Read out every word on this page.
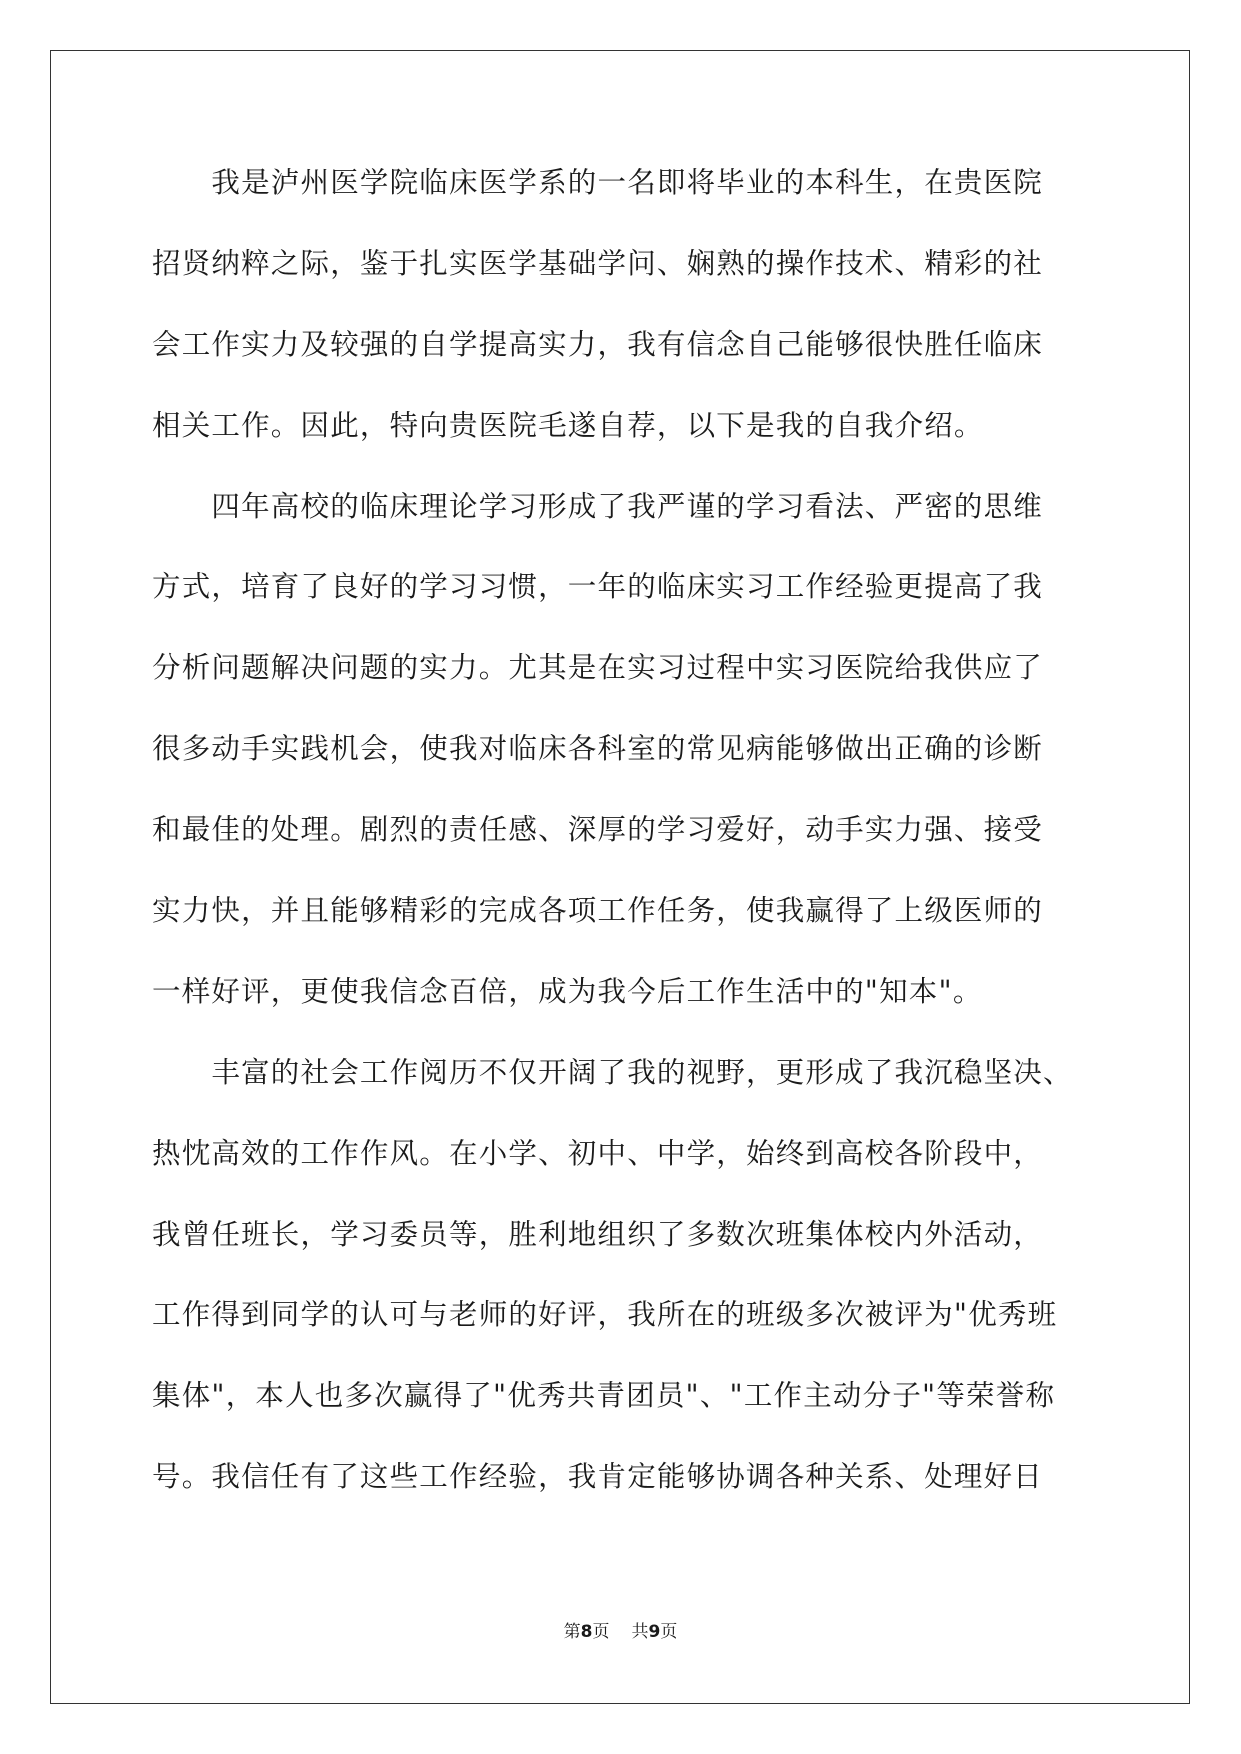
　　我是泸州医学院临床医学系的一名即将毕业的本科生，在贵医院
招贤纳粹之际，鉴于扎实医学基础学问、娴熟的操作技术、精彩的社
会工作实力及较强的自学提高实力，我有信念自己能够很快胜任临床
相关工作。因此，特向贵医院毛遂自荐，以下是我的自我介绍。
　　四年高校的临床理论学习形成了我严谨的学习看法、严密的思维
方式，培育了良好的学习习惯，一年的临床实习工作经验更提高了我
分析问题解决问题的实力。尤其是在实习过程中实习医院给我供应了
很多动手实践机会，使我对临床各科室的常见病能够做出正确的诊断
和最佳的处理。剧烈的责任感、深厚的学习爱好，动手实力强、接受
实力快，并且能够精彩的完成各项工作任务，使我赢得了上级医师的
一样好评，更使我信念百倍，成为我今后工作生活中的"知本"。
　　丰富的社会工作阅历不仅开阔了我的视野，更形成了我沉稳坚决、
热忱高效的工作作风。在小学、初中、中学，始终到高校各阶段中，
我曾任班长，学习委员等，胜利地组织了多数次班集体校内外活动，
工作得到同学的认可与老师的好评，我所在的班级多次被评为"优秀班
集体"，本人也多次赢得了"优秀共青团员"、"工作主动分子"等荣誉称
号。我信任有了这些工作经验，我肯定能够协调各种关系、处理好日
第8页 共9页
